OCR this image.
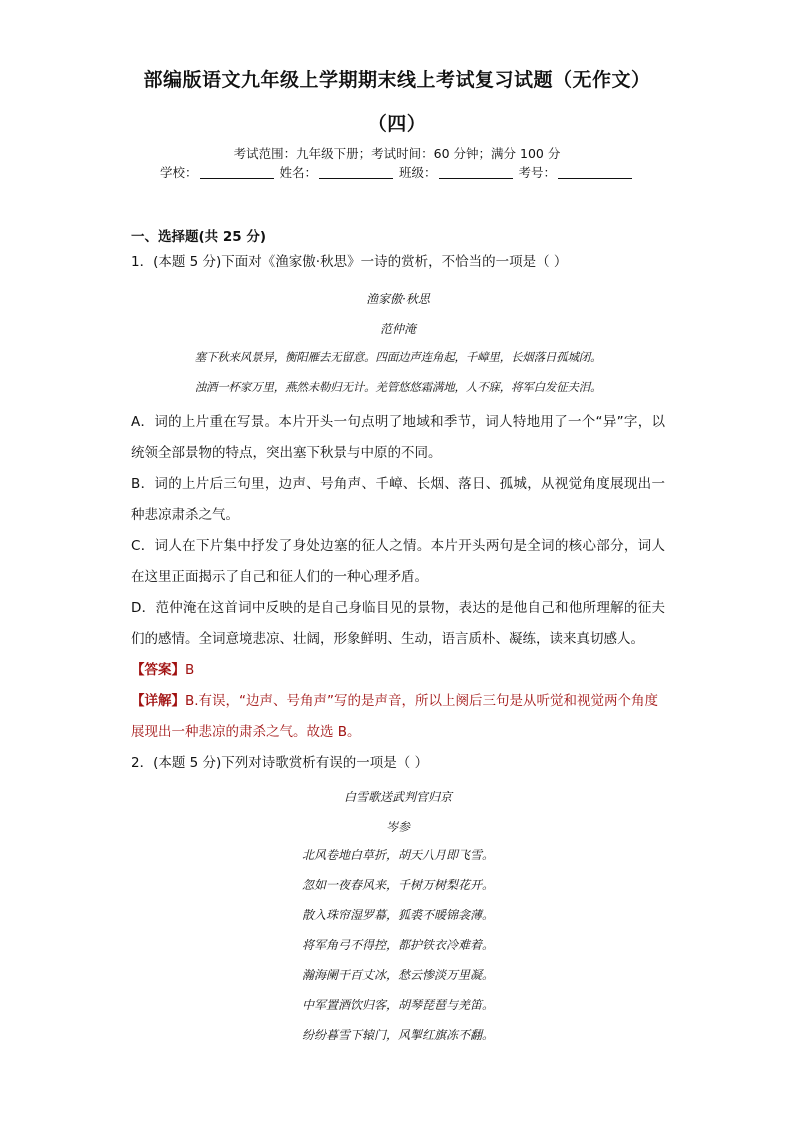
部编版语文九年级上学期期末线上考试复习试题（无作文）
（四）
考试范围：九年级下册；考试时间：60 分钟；满分 100 分
学校：	姓名：	班级：	考号：
一、选择题(共 25 分)
1．(本题 5 分)下面对《渔家傲·秋思》一诗的赏析，不恰当的一项是（ ）
渔家傲·秋思
范仲淹
塞下秋来风景异，衡阳雁去无留意。四面边声连角起，千嶂里，长烟落日孤城闭。
浊酒一杯家万里，燕然未勒归无计。羌管悠悠霜满地，人不寐，将军白发征夫泪。
A．词的上片重在写景。本片开头一句点明了地域和季节，词人特地用了一个“异”字，以统领全部景物的特点，突出塞下秋景与中原的不同。
B．词的上片后三句里，边声、号角声、千嶂、长烟、落日、孤城，从视觉角度展现出一种悲凉肃杀之气。
C．词人在下片集中抒发了身处边塞的征人之情。本片开头两句是全词的核心部分，词人在这里正面揭示了自己和征人们的一种心理矛盾。
D．范仲淹在这首词中反映的是自己身临目见的景物，表达的是他自己和他所理解的征夫们的感情。全词意境悲凉、壮阔，形象鲜明、生动，语言质朴、凝练，读来真切感人。
【答案】B
【详解】B.有误，“边声、号角声”写的是声音，所以上阕后三句是从听觉和视觉两个角度展现出一种悲凉的肃杀之气。故选 B。
2．(本题 5 分)下列对诗歌赏析有误的一项是（ ）
白雪歌送武判官归京
岑参
北风卷地白草折，胡天八月即飞雪。
忽如一夜春风来，千树万树梨花开。
散入珠帘湿罗幕，狐裘不暖锦衾薄。
将军角弓不得控，都护铁衣冷难着。
瀚海阑干百丈冰，愁云惨淡万里凝。
中军置酒饮归客，胡琴琵琶与羌笛。
纷纷暮雪下辕门，风掣红旗冻不翻。
